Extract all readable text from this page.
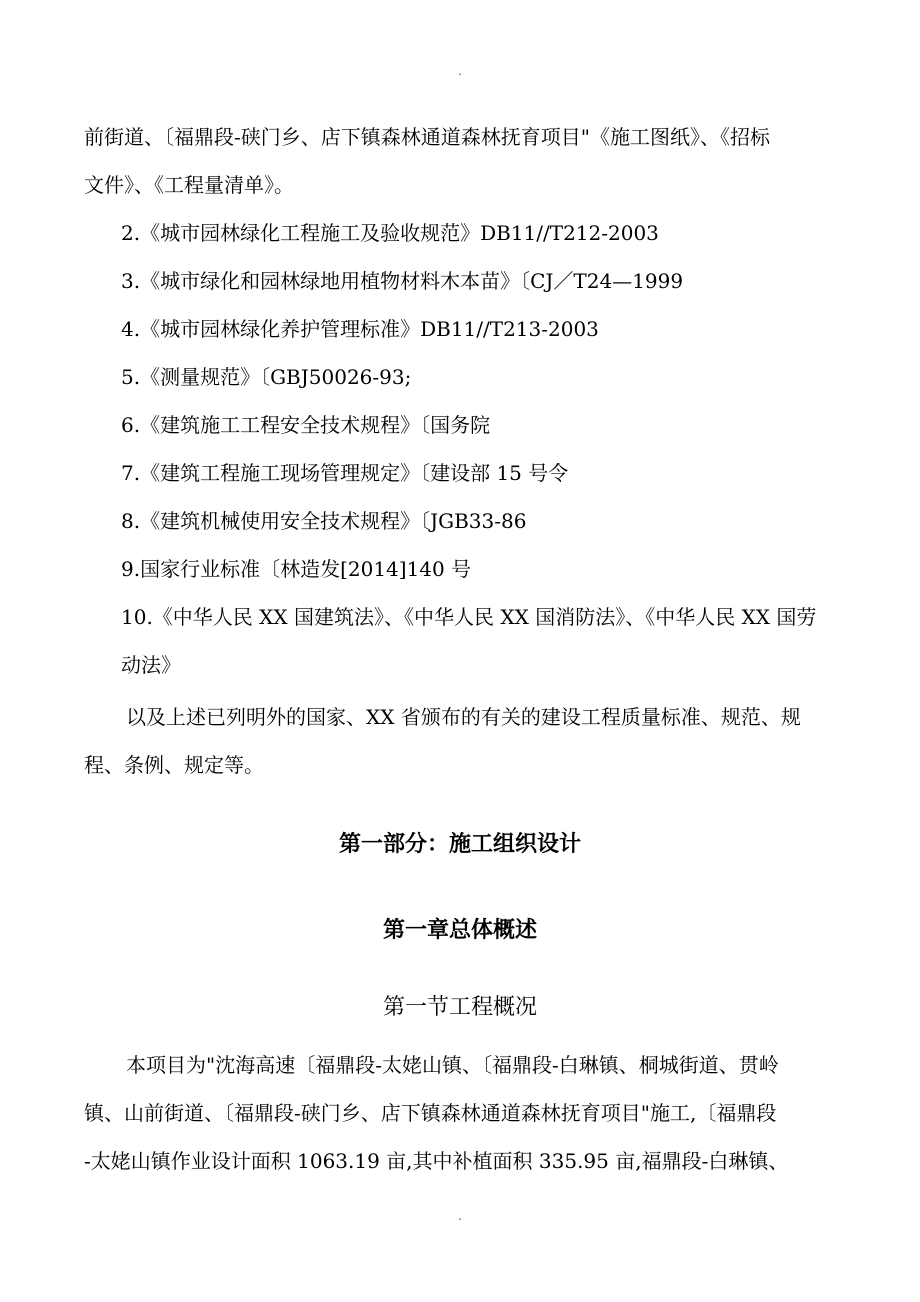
.
前街道、〔福鼎段-硖门乡、店下镇森林通道森林抚育项目"《施工图纸》、《招标
文件》、《工程量清单》。
2.《城市园林绿化工程施工及验收规范》DB11//T212-2003
3.《城市绿化和园林绿地用植物材料木本苗》〔CJ／T24—1999
4.《城市园林绿化养护管理标准》DB11//T213-2003
5.《测量规范》〔GBJ50026-93;
6.《建筑施工工程安全技术规程》〔国务院
7.《建筑工程施工现场管理规定》〔建设部 15 号令
8.《建筑机械使用安全技术规程》〔JGB33-86
9.国家行业标准〔林造发[2014]140 号
10.《中华人民 XX 国建筑法》、《中华人民 XX 国消防法》、《中华人民 XX 国劳
动法》
以及上述已列明外的国家、XX 省颁布的有关的建设工程质量标准、规范、规
程、条例、规定等。
第一部分：施工组织设计
第一章总体概述
第一节工程概况
本项目为"沈海高速〔福鼎段-太姥山镇、〔福鼎段-白琳镇、桐城街道、贯岭
镇、山前街道、〔福鼎段-硖门乡、店下镇森林通道森林抚育项目"施工,〔福鼎段
-太姥山镇作业设计面积 1063.19 亩,其中补植面积 335.95 亩,福鼎段-白琳镇、
.
